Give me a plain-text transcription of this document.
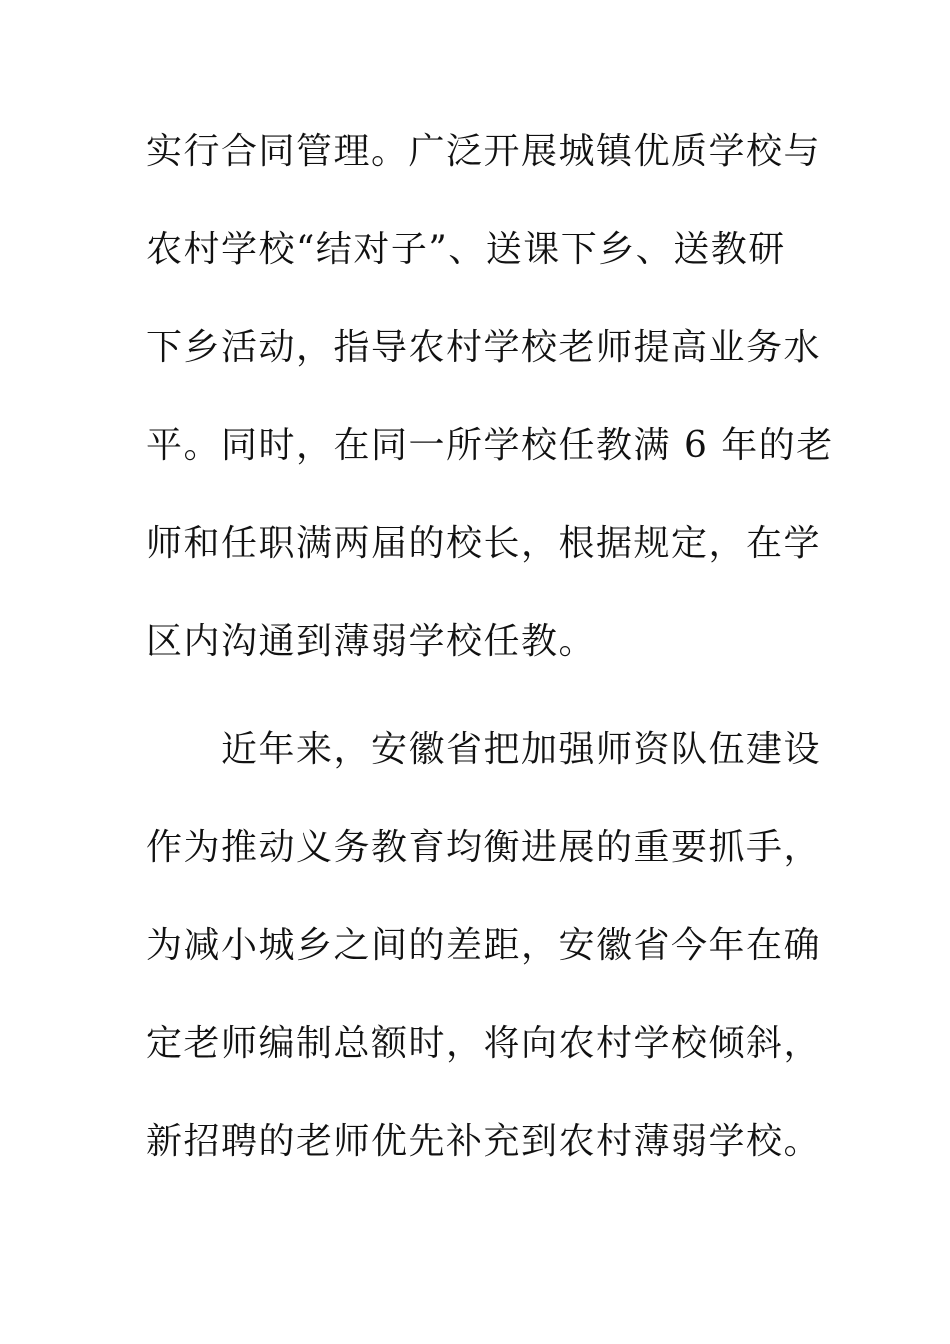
实行合同管理。广泛开展城镇优质学校与
农村学校“结对子”、送课下乡、送教研
下乡活动，指导农村学校老师提高业务水
平。同时，在同一所学校任教满 6 年的老
师和任职满两届的校长，根据规定，在学
区内沟通到薄弱学校任教。
　　近年来，安徽省把加强师资队伍建设
作为推动义务教育均衡进展的重要抓手，
为减小城乡之间的差距，安徽省今年在确
定老师编制总额时，将向农村学校倾斜，
新招聘的老师优先补充到农村薄弱学校。
